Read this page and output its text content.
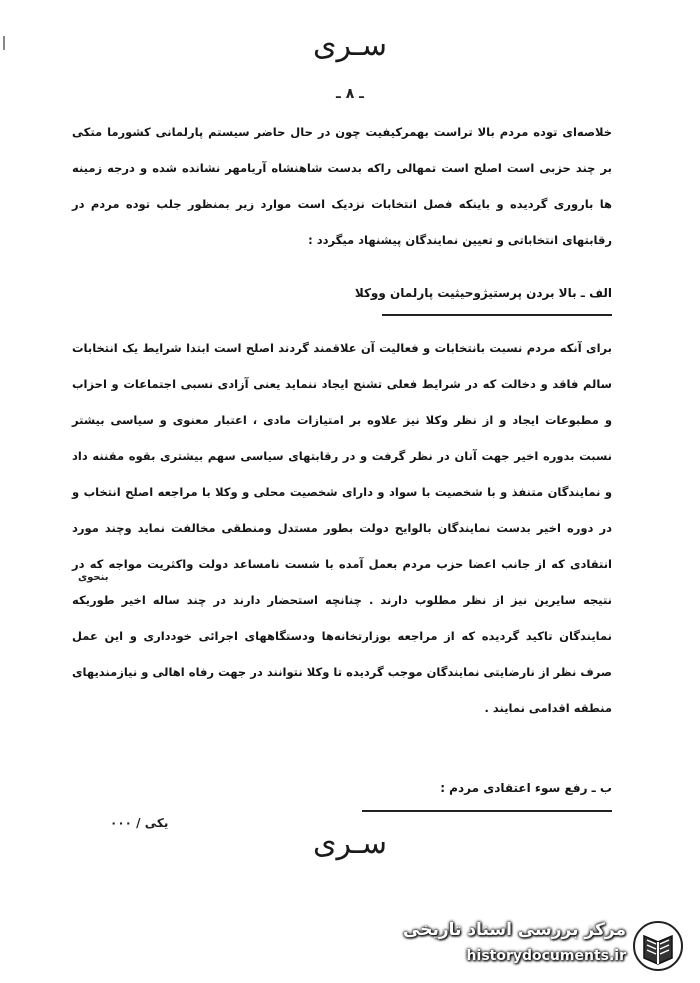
سـری
ـ ۸ ـ
خلاصه‌ای توده مردم بالا تراست بهمرکیفیت چون در حال حاضر سیستم پارلمانی کشورما متکی بر چند حزبی است اصلح است تمهالی راکه بدست شاهنشاه آریامهر نشانده شده و درجه زمینه ها باروری گردیده و باینکه فصل انتخابات نزدیک است موارد زیر بمنظور جلب توده مردم در رقابتهای انتخاباتی و تعیین نمایندگان پیشنهاد میگردد :
الف ـ بالا بردن پرستیژوحیثیت پارلمان ووکلا
برای آنکه مردم نسبت بانتخابات و فعالیت آن علاقمند گردند اصلح است ابتدا شرایط یک انتخابات سالم فاقد و دخالت که در شرایط فعلی تشنج ایجاد ننماید یعنی آزادی نسبی اجتماعات و احزاب و مطبوعات ایجاد و از نظر وکلا نیز علاوه بر امتیازات مادی ، اعتبار معنوی و سیاسی بیشتر نسبت بدوره اخیر جهت آنان در نظر گرفت و در رقابتهای سیاسی سهم بیشتری بقوه مقننه داد و نمایندگان متنفذ و با شخصیت با سواد و دارای شخصیت محلی و وکلا با مراجعه اصلح انتخاب و در دوره اخیر بدست نمایندگان بالوایح دولت بطور مستدل ومنطقی مخالفت نماید وچند مورد انتقادی که از جانب اعضا حزب مردم بعمل آمده با شست نامساعد دولت واکثریت مواجه که در نتیجه سایرین نیز از نظر مطلوب دارند . چنانچه استحضار دارند در چند ساله اخیر طوریکه نمایندگان تاکید گردیده که از مراجعه بوزارتخانه‌ها ودستگاههای اجرائی خودداری و این عمل صرف نظر از نارضایتی نمایندگان موجب گردیده تا وکلا نتوانند در جهت رفاه اهالی و نیازمندیهای منطقه اقدامی نمایند .
بنحوی
ب ـ رفع سوء اعتقادی مردم :
یکی / ۰۰۰
سـری
مرکز بررسی اسناد تاریخی
historydocuments.ir
